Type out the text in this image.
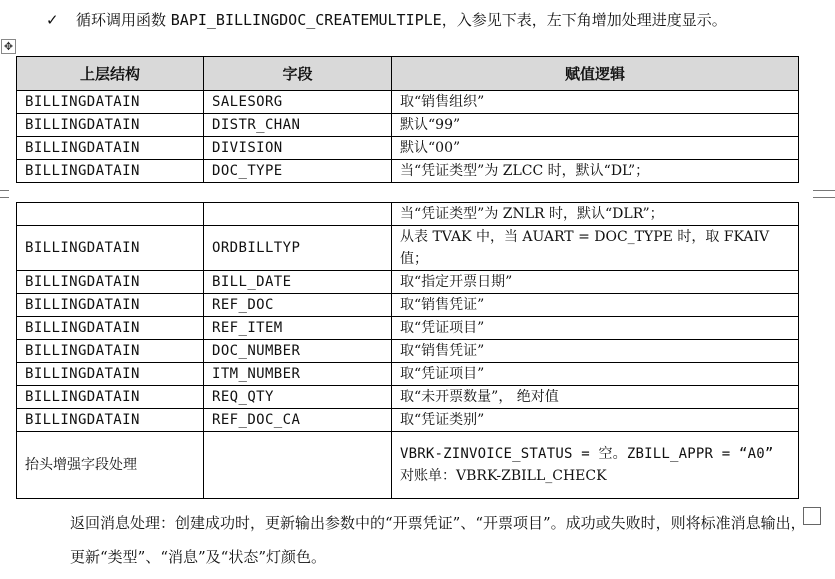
✓ 循环调用函数 BAPI_BILLINGDOC_CREATEMULTIPLE，入参见下表，左下角增加处理进度显示。
✥
上层结构	字段	赋值逻辑
BILLINGDATAIN	SALESORG	取“销售组织”
BILLINGDATAIN	DISTR_CHAN	默认“99”
BILLINGDATAIN	DIVISION	默认“00”
BILLINGDATAIN	DOC_TYPE	当“凭证类型”为 ZLCC 时，默认“DL”；
		当“凭证类型”为 ZNLR 时，默认“DLR”；
BILLINGDATAIN	ORDBILLTYP	从表 TVAK 中，当 AUART = DOC_TYPE 时，取 FKAIV 值；
BILLINGDATAIN	BILL_DATE	取“指定开票日期”
BILLINGDATAIN	REF_DOC	取“销售凭证”
BILLINGDATAIN	REF_ITEM	取“凭证项目”
BILLINGDATAIN	DOC_NUMBER	取“销售凭证”
BILLINGDATAIN	ITM_NUMBER	取“凭证项目”
BILLINGDATAIN	REQ_QTY	取“未开票数量”， 绝对值
BILLINGDATAIN	REF_DOC_CA	取“凭证类别”
抬头增强字段处理		VBRK-ZINVOICE_STATUS = 空。ZBILL_APPR = “A0”
对账单：VBRK-ZBILL_CHECK
返回消息处理：创建成功时，更新输出参数中的“开票凭证”、“开票项目”。成功或失败时，则将标准消息输出，更新“类型”、“消息”及“状态”灯颜色。
